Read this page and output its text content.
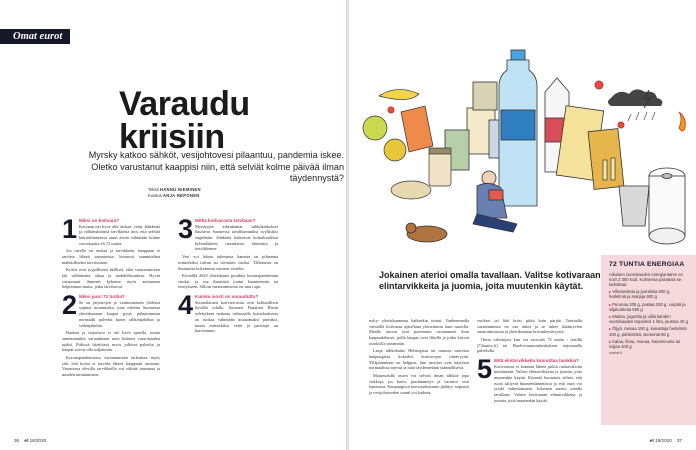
Omat eurot
Varaudu
kriisiin
Myrsky katkoo sähköt, vesijohtovesi pilaantuu, pandemia iskee. Oletko varustanut kaappisi niin, että selviät kolme päivää ilman täydennystä?
Teksti HANNU NIEMINEN
Kuvitus ANJA REPONEN
1 Miksi on kotivara?

Koronan nyt hyvä olla ruokaa, vettä, lääkkeitä ja välttämättömiä tarvikkeita niin, että selviää häiriötilanteessa omin avuin vähintään kolme vuorokautta eli 72 tuntia.

Jos varalla on ruokaa ja tarvikkeita, kaappaan ei tarvitse lähteä satunnaista, huonosti suunniteltua mahdolliseksi tarvitsetaan.

Kriisit ovat tyypillisesti äkillisiä, eikä varautumiseen jää välttämättä aikaa ja mahdollisuuksia. Hyvin varautunut ihminen kykenee myös auttamaan helpommin muita, jotka tarvitsevat.

2 Miksi juuri 72 tuntia?

Se on järjestöjen ja viranomaisten yhdessä sopima minimiaika, jona oletettu Suomessa yhteiskunnan kaupat pysty palauttamaan normaalit palvelut kuten sähkönjakelun ja vedenjakelun.

Ruokaa ja tarjottava ei ole hyvä ajatella, mutta ennemminkin varaudutaan noin kolmen vuorokauden ajaksi. Pitkissä häiriöissä myös julkiset palvelut ja kaupat voivat olla suljettuina.

Koronapandemiassa varautuminen tarkoittaa myös sitä, että kotoa ei tarvitse lähteä kauppaan sairaana. Varastossa olevilla tarvikkeilla voi välttää tartunnat ja muiden tartuttamisen.

3 Mitkä kotivarasta tarvitaan?

Myrskyjen aiheuttamat sähkökatkokset kuuluvat Suomessa tavallisimmiksi syyllisiksi ongelmiin. Sähköttä katkeavat kotitaloudessa kylmälaitteet, ruoanlaitto, lämmitys ja tietoliikenne.

Vesi voi lakata tulemasta hanasta tai pilaantua esimerkiksi tulvan tai viemärin vuoksi. Tällaisesta on Suomessa kokemusta vuosien varrelta.

Keväällä 2020 yhteiskunta pysähtyi koronapandemian vuoksi, ja osa ihmisistä joutui karanteeniin tai eristykseen. Silloin varautumisesta on suuri apu.

4 Kuinka isosti on varauduttu?

Suomalaisten kotivara-asiat ovat kohtuullisen hyvällä tolalla. Suomen Punaisen Ristin selvityksen mukaan valtaosalla kotitalouksista on ruokaa vähintään muutamaksi päiväksi, mutta esimerkiksi vettä ja paristoja on harvemmin.

36 et 18/2020
Jokainen aterioi omalla tavallaan. Valitse kotivaraan elintarvikkeita ja juomia, joita muutenkin käytät.

nyky- yhteiskunnassa kaikenkin toimii. Vanhemmalla väestöllä kotivaraa ajatellaan yleisemmin kuin nuorilla. Maalla asuvat ovat paremmin varautuneet kuin kaupunkilaiset, joilla kaupat ovat lähellä ja jotka käyvät ostoksilla useammin.

Laaja sähkökatko Helsingissä tai muussa suuressa kaupungissa kokeilisi kotivarojen riittävyyttä. Ylläpitäminen on helppoa, kun tuotteet ovat käytössä normaalissa arjessa ja niitä täydennetään säännöllisesti.

Maaseudulla asuva voi selvitä ilman sähköä jopa viikkoja, jos kaivo, puulämmitys ja varastot ovat kunnossa. Kaupungissa kerrostaloasunto jäähtyy nopeasti ja vesijohtoveden saanti voi katketa.

vuokset tai lähi kriisi pitkä kuin pärjää. Toimialla varautuminen on osa arkea ja se tukee ikääntyvien omatoimisuutta ja yhteiskunnan kriisinkestävyyttä.

Omia valintojasi kun voi arvioida 72 tuntia - testillä (72tuntia.fi) tai Huoltovarmuuskeskuksen tarjoamalla palvelulla.

5 Mitä elintarvikkeita kannattaa hankkia?

Kotivarassa ei kannata lähteä pitkiä ruokavalioita miettimään. Valitse elintarvikkeita ja juomia, joita muutenkin käytät. Kiinnitä huomiota siihen, että ruoat säilyvät huoneenlämmössä ja että osan voi syödä valmistamatta. Jokainen aterioi omalla tavallaan. Valitse kotivaraan elintarvikkeita ja juomia, joita muutenkin käytät.

72 TUNTIA ENERGIAA
Aikuisen vuorokauden energiantarve on noin 2 300 kcal. Kolmessa päivässä se tarkoittaa:
▸ Vihanneksia ja juureksia 600 g, hedelmiä ja marjoja 600 g
▸ Perunaa 200 g, pastaa 200 g. Leipää ja viljatuotteita 550 g
▸ Maitoa, jogurttia ja viiliä kahden vuorokauden tarpeeksi 1 litra, juustoa 40 g
▸ Öljyä, rasvaa 150 g, kuivattuja hedelmiä 100 g, pähkinöitä, siemeniä 80 g
▸ Kalaa, lihaa, munaa, kananmunia tai soijaa 400 g
martat.fi
et 18/2020 37
